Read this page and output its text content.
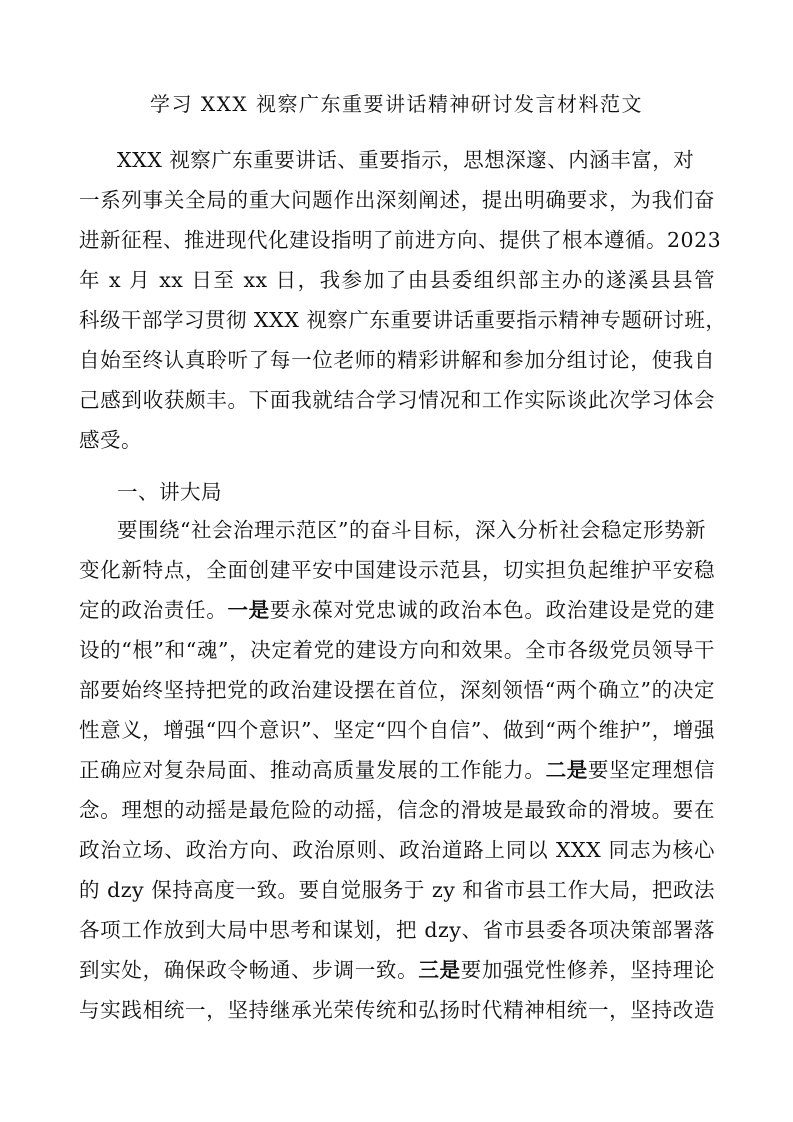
学习 XXX 视察广东重要讲话精神研讨发言材料范文
XXX 视察广东重要讲话、重要指示，思想深邃、内涵丰富，对
一系列事关全局的重大问题作出深刻阐述，提出明确要求，为我们奋
进新征程、推进现代化建设指明了前进方向、提供了根本遵循。2023
年 x 月 xx 日至 xx 日，我参加了由县委组织部主办的遂溪县县管
科级干部学习贯彻 XXX 视察广东重要讲话重要指示精神专题研讨班，
自始至终认真聆听了每一位老师的精彩讲解和参加分组讨论，使我自
己感到收获颇丰。下面我就结合学习情况和工作实际谈此次学习体会
感受。
一、讲大局
要围绕“社会治理示范区”的奋斗目标，深入分析社会稳定形势新
变化新特点，全面创建平安中国建设示范县，切实担负起维护平安稳
定的政治责任。一是要永葆对党忠诚的政治本色。政治建设是党的建
设的“根”和“魂”，决定着党的建设方向和效果。全市各级党员领导干
部要始终坚持把党的政治建设摆在首位，深刻领悟“两个确立”的决定
性意义，增强“四个意识”、坚定“四个自信”、做到“两个维护”，增强
正确应对复杂局面、推动高质量发展的工作能力。二是要坚定理想信
念。理想的动摇是最危险的动摇，信念的滑坡是最致命的滑坡。要在
政治立场、政治方向、政治原则、政治道路上同以 XXX 同志为核心
的 dzy 保持高度一致。要自觉服务于 zy 和省市县工作大局，把政法
各项工作放到大局中思考和谋划，把 dzy、省市县委各项决策部署落
到实处，确保政令畅通、步调一致。三是要加强党性修养，坚持理论
与实践相统一，坚持继承光荣传统和弘扬时代精神相统一，坚持改造
